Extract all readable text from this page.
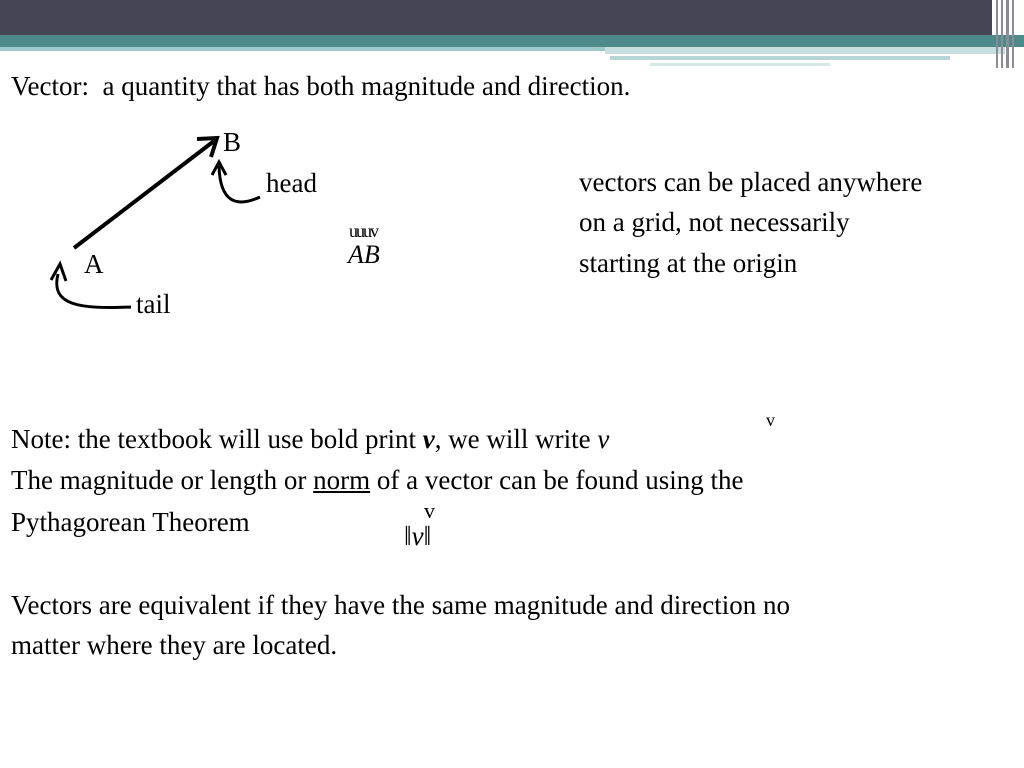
Vector: a quantity that has both magnitude and direction.
B
A
head
tail
uuuv
AB
vectors can be placed anywhere
on a grid, not necessarily
starting at the origin
v
Note: the textbook will use bold print v, we will write v
The magnitude or length or norm of a vector can be found using the
Pythagorean Theorem	v
‖v‖
Vectors are equivalent if they have the same magnitude and direction no
matter where they are located.
